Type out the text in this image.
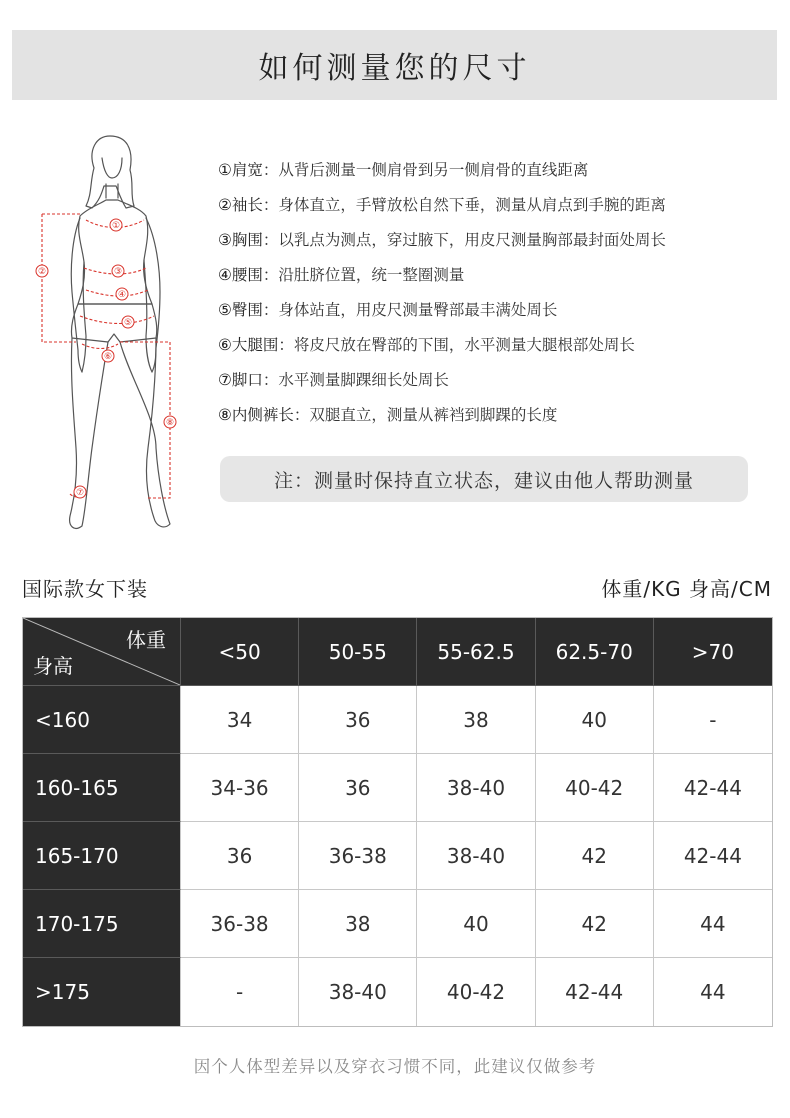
如何测量您的尺寸
①
②	③
④
⑤
⑥
⑦
⑧
①肩宽：从背后测量一侧肩骨到另一侧肩骨的直线距离
②袖长：身体直立，手臂放松自然下垂，测量从肩点到手腕的距离
③胸围：以乳点为测点，穿过腋下，用皮尺测量胸部最封面处周长
④腰围：沿肚脐位置，统一整圈测量
⑤臀围：身体站直，用皮尺测量臀部最丰满处周长
⑥大腿围：将皮尺放在臀部的下围，水平测量大腿根部处周长
⑦脚口：水平测量脚踝细长处周长
⑧内侧裤长：双腿直立，测量从裤裆到脚踝的长度
注：测量时保持直立状态，建议由他人帮助测量
国际款女下装	体重/KG 身高/CM
体重
身高
<50	50-55	55-62.5	62.5-70	>70
<160	34	36	38	40	-
160-165	34-36	36	38-40	40-42	42-44
165-170	36	36-38	38-40	42	42-44
170-175	36-38	38	40	42	44
>175	-	38-40	40-42	42-44	44
因个人体型差异以及穿衣习惯不同，此建议仅做参考
